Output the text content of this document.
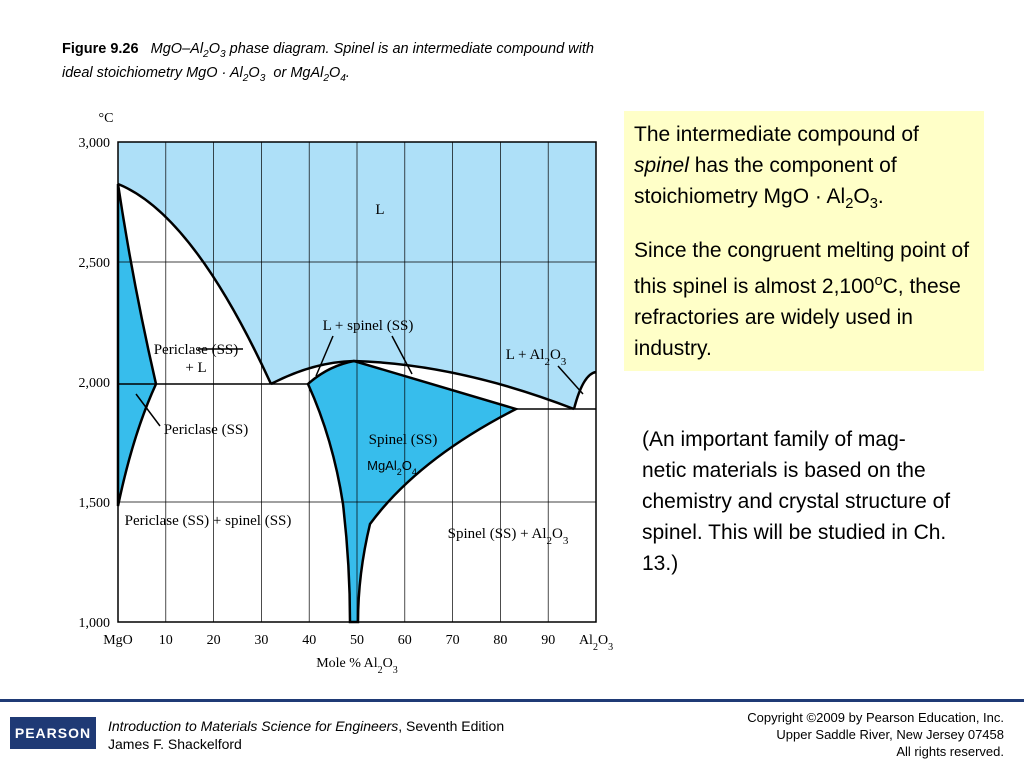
Figure 9.26 MgO–$Al_2O_3$ phase diagram. Spinel is an intermediate compound with ideal stoichiometry MgO · $Al_2O_3$  or $MgAl_2O_4$.
°C
3,000
2,500
2,000
1,500
1,000
MgO 10 20 30 40 50 60 70 80 90 $Al_2O_3$
Mole % $Al_2O_3$
L
Periclase (SS)
+ L
L + spinel (SS)
$L + Al_2O_3$
Periclase (SS)
Spinel (SS)
Periclase (SS) + spinel (SS)
Spinel $(SS) + Al_2O_3$
$MgAl_2O_4$

The intermediate compound of spinel has the component of stoichiometry MgO · $Al_2O_3$.

Since the congruent melting point of this spinel is almost 2,100$^o$C, these refractories are widely used in industry.

(An important family of mag-
netic materials is based on the chemistry and crystal structure of spinel. This will be studied in Ch. 13.)
PEARSON	Introduction to Materials Science for Engineers, Seventh Edition
James F. Shackelford
Copyright ©2009 by Pearson Education, Inc.
Upper Saddle River, New Jersey 07458
All rights reserved.
